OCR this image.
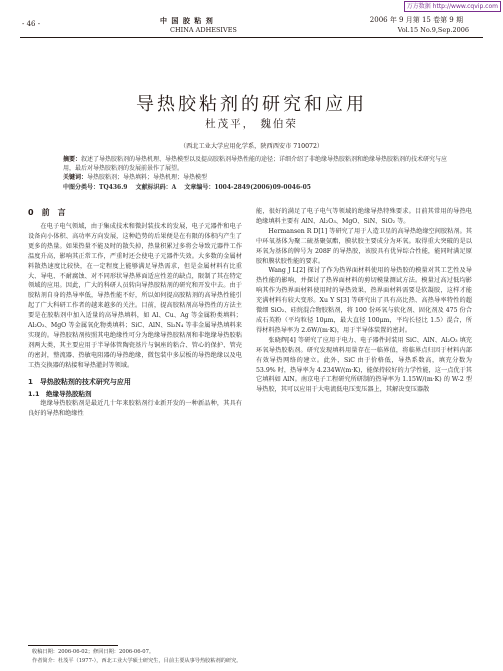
万方数据 http://www.cqvip.com
- 46 -	中 国 胶 粘 剂
CHINA ADHESIVES
2006 年 9 月第 15 卷第 9 期
Vol.15 No.9,Sep.2006
导热胶粘剂的研究和应用
杜茂平， 魏伯荣
（西北工业大学应用化学系，陕西西安市 710072）
摘要：叙述了导热胶粘剂的导热机理、导热模型以及提高胶粘剂导热性能的途径；详细介绍了非绝缘导热胶粘剂和绝缘导热胶粘剂的技术研究与应用，最后对导热胶粘剂的发展前景作了展望。
关键词：导热胶粘剂；导热填料；导热机理；导热模型
中图分类号：TQ436.9　 文献标识码：A　 文章编号：1004-2849(2006)09-0046-05
0　前　言

在电子电气领域，由于集成技术和微封装技术的发展，电子元器件和电子设备向小体积、高功率方向发展，这种趋势的后果便是在有限的体积内产生了更多的热量。如果热量不能及时的散失掉，热量积累过多将会导致元器件工作温度升高，影响其正常工作，严重时还会使电子元器件失效。大多数的金属材料散热速度比较快，在一定程度上能够满足导热需求，但是金属材料有比重大、导电、不耐腐蚀、对不同形状导热界面适应性差的缺点，限制了其在特定领域的应用。因此，广大的科研人员转向导热胶粘剂的研究和开发中去。由于胶粘剂自身的热导率低，导热性能不好，所以如何提高胶粘剂的高导热性能引起了广大科研工作者的越来越多的关注。目前，提高胶粘剂高导热性的方法主要是在胶粘剂中加入适量的高导热填料，如 Al、Cu、Ag 等金属粉类填料；Al₂O₃、MgO 等金属氧化物类填料；SiC、AlN、Si₃N₄ 等非金属导热填料来实现的。导热胶粘剂按照其电绝缘性可分为绝缘导热胶粘剂和非绝缘导热胶粘剂两大类，其主要应用于半导体管陶瓷基片与铜座的粘合、管心的保护、管壳的密封，整流器、热敏电阻器的导热绝缘，微包装中多层板的导热绝缘以及电工热交换器的粘接和导热灌封等领域。

1　导热胶粘剂的技术研究与应用
1.1　绝缘导热胶粘剂

绝缘导热胶粘剂是最近几十年来胶粘剂行业新开发的一种新品种，其具有良好的导热和绝缘性

能，很好的满足了电子电气等领域的绝缘导热特殊要求。目前其常用的导热电绝缘填料主要有 AlN、Al₂O₃、MgO、SiN、SiO₂ 等。

Hermansen R D[1] 等研究了用于人造卫星的高导热绝缘空间胶粘剂。其中环氧基体为聚二硫基聚氨酯，膜状胶主要成分为环氧。取得重大突破的是以环氧为基体的牌号为 208F 的导热胶，该胶具有优异综合性能，能同时满足原胶和膜状胶性能的要求。

Wang J L[2] 探讨了作为热界面材料使用的导热胶的模量对其工艺性及导热性能的影响，并探讨了热界面材料的剪切模量测试方法。模量过高过低均影响其作为热界面材料使用时的导热效果，热界面材料需要是软凝胶，这样才能充满材料有较大变形。Xu Y S[3] 等研究出了具有高比热、高热导率特性的超微细 SiO₂、硅烷混合物胶粘剂，将 100 份环氧与软化剂、固化剂及 475 份合成石英粉（平均粒径 10μm，最大直径 100μm，平均长径比 1.5）混合，所得材料热导率为 2.6W/(m·K)，用于半导体装置的密封。

张晓辉[4] 等研究了应用于电力、电子器件封装用 SiC、AlN、Al₂O₃ 填充环氧导热胶粘剂。研究发现填料用量存在一临界值，将临界点归因于材料内部有效导热网络的建立。此外，SiC 由于价格低，导热系数高，填充分数为 53.9% 时，热导率为 4.234W/(m·K)，能保持较好的力学性能，这一点优于其它填料如 AlN。南京电子工程研究所研制的热导率为 1.15W/(m·K) 的 W-2 型导热胶，其可以应用于大电流低电压变压器上，其解决变压器散

收稿日期：2006-06-02；修回日期：2006-06-07。
作者简介：杜茂平（1977-），西北工业大学硕士研究生，目前主要从事导热胶粘剂的研究。
